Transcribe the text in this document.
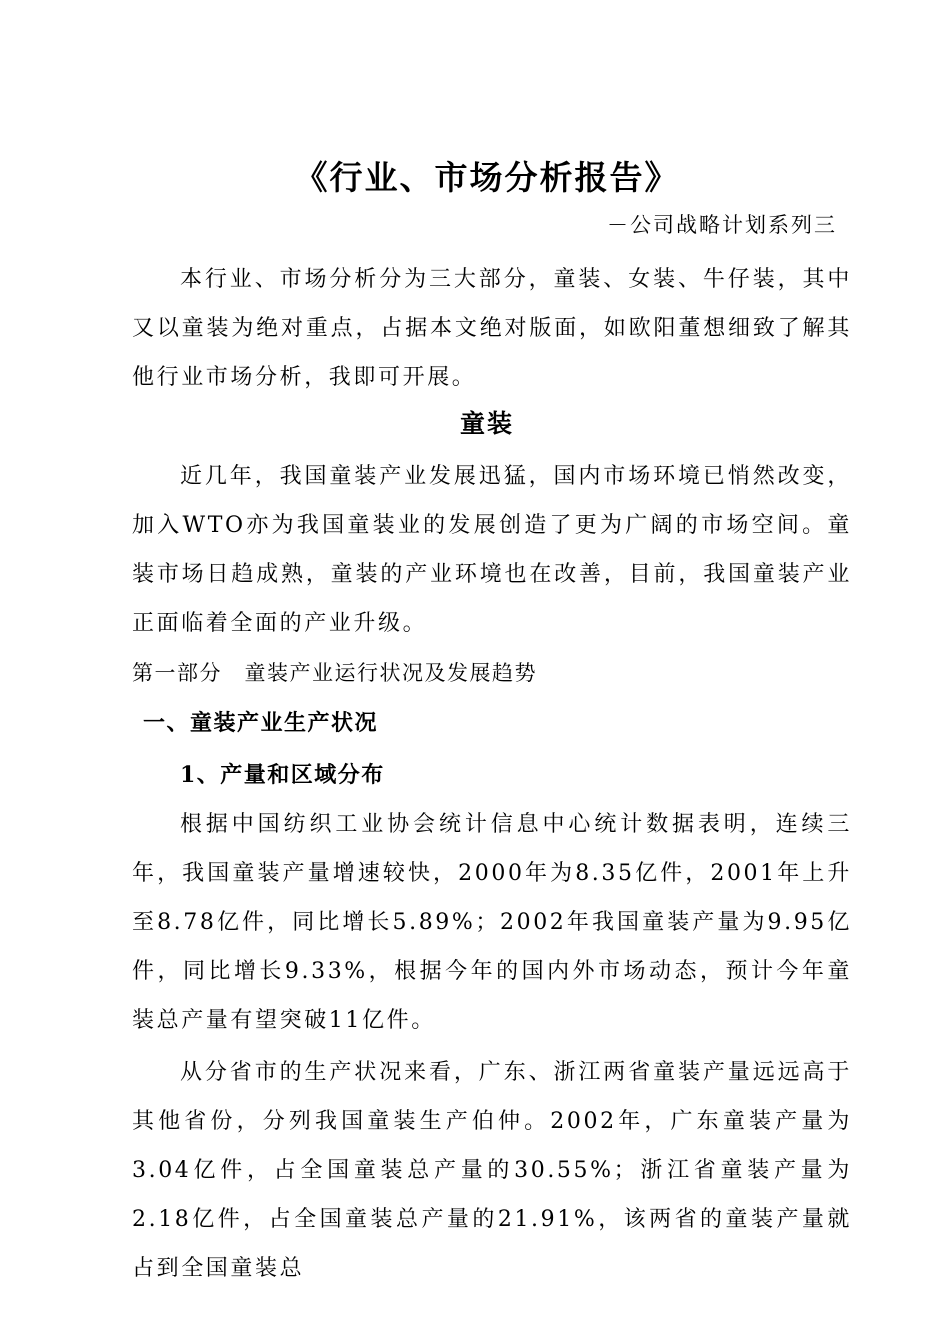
《行业、市场分析报告》
－公司战略计划系列三

本行业、市场分析分为三大部分，童装、女装、牛仔装，其中又以童装为绝对重点，占据本文绝对版面，如欧阳董想细致了解其他行业市场分析，我即可开展。

童装

近几年，我国童装产业发展迅猛，国内市场环境已悄然改变，加入WTO亦为我国童装业的发展创造了更为广阔的市场空间。童装市场日趋成熟，童装的产业环境也在改善，目前，我国童装产业正面临着全面的产业升级。

第一部分　童装产业运行状况及发展趋势
一、童装产业生产状况
1、产量和区域分布

根据中国纺织工业协会统计信息中心统计数据表明，连续三年，我国童装产量增速较快，2000年为8.35亿件，2001年上升至8.78亿件，同比增长5.89%；2002年我国童装产量为9.95亿件，同比增长9.33%，根据今年的国内外市场动态，预计今年童装总产量有望突破11亿件。

从分省市的生产状况来看，广东、浙江两省童装产量远远高于其他省份，分列我国童装生产伯仲。2002年，广东童装产量为3.04亿件，占全国童装总产量的30.55%；浙江省童装产量为2.18亿件，占全国童装总产量的21.91%，该两省的童装产量就占到全国童装总
